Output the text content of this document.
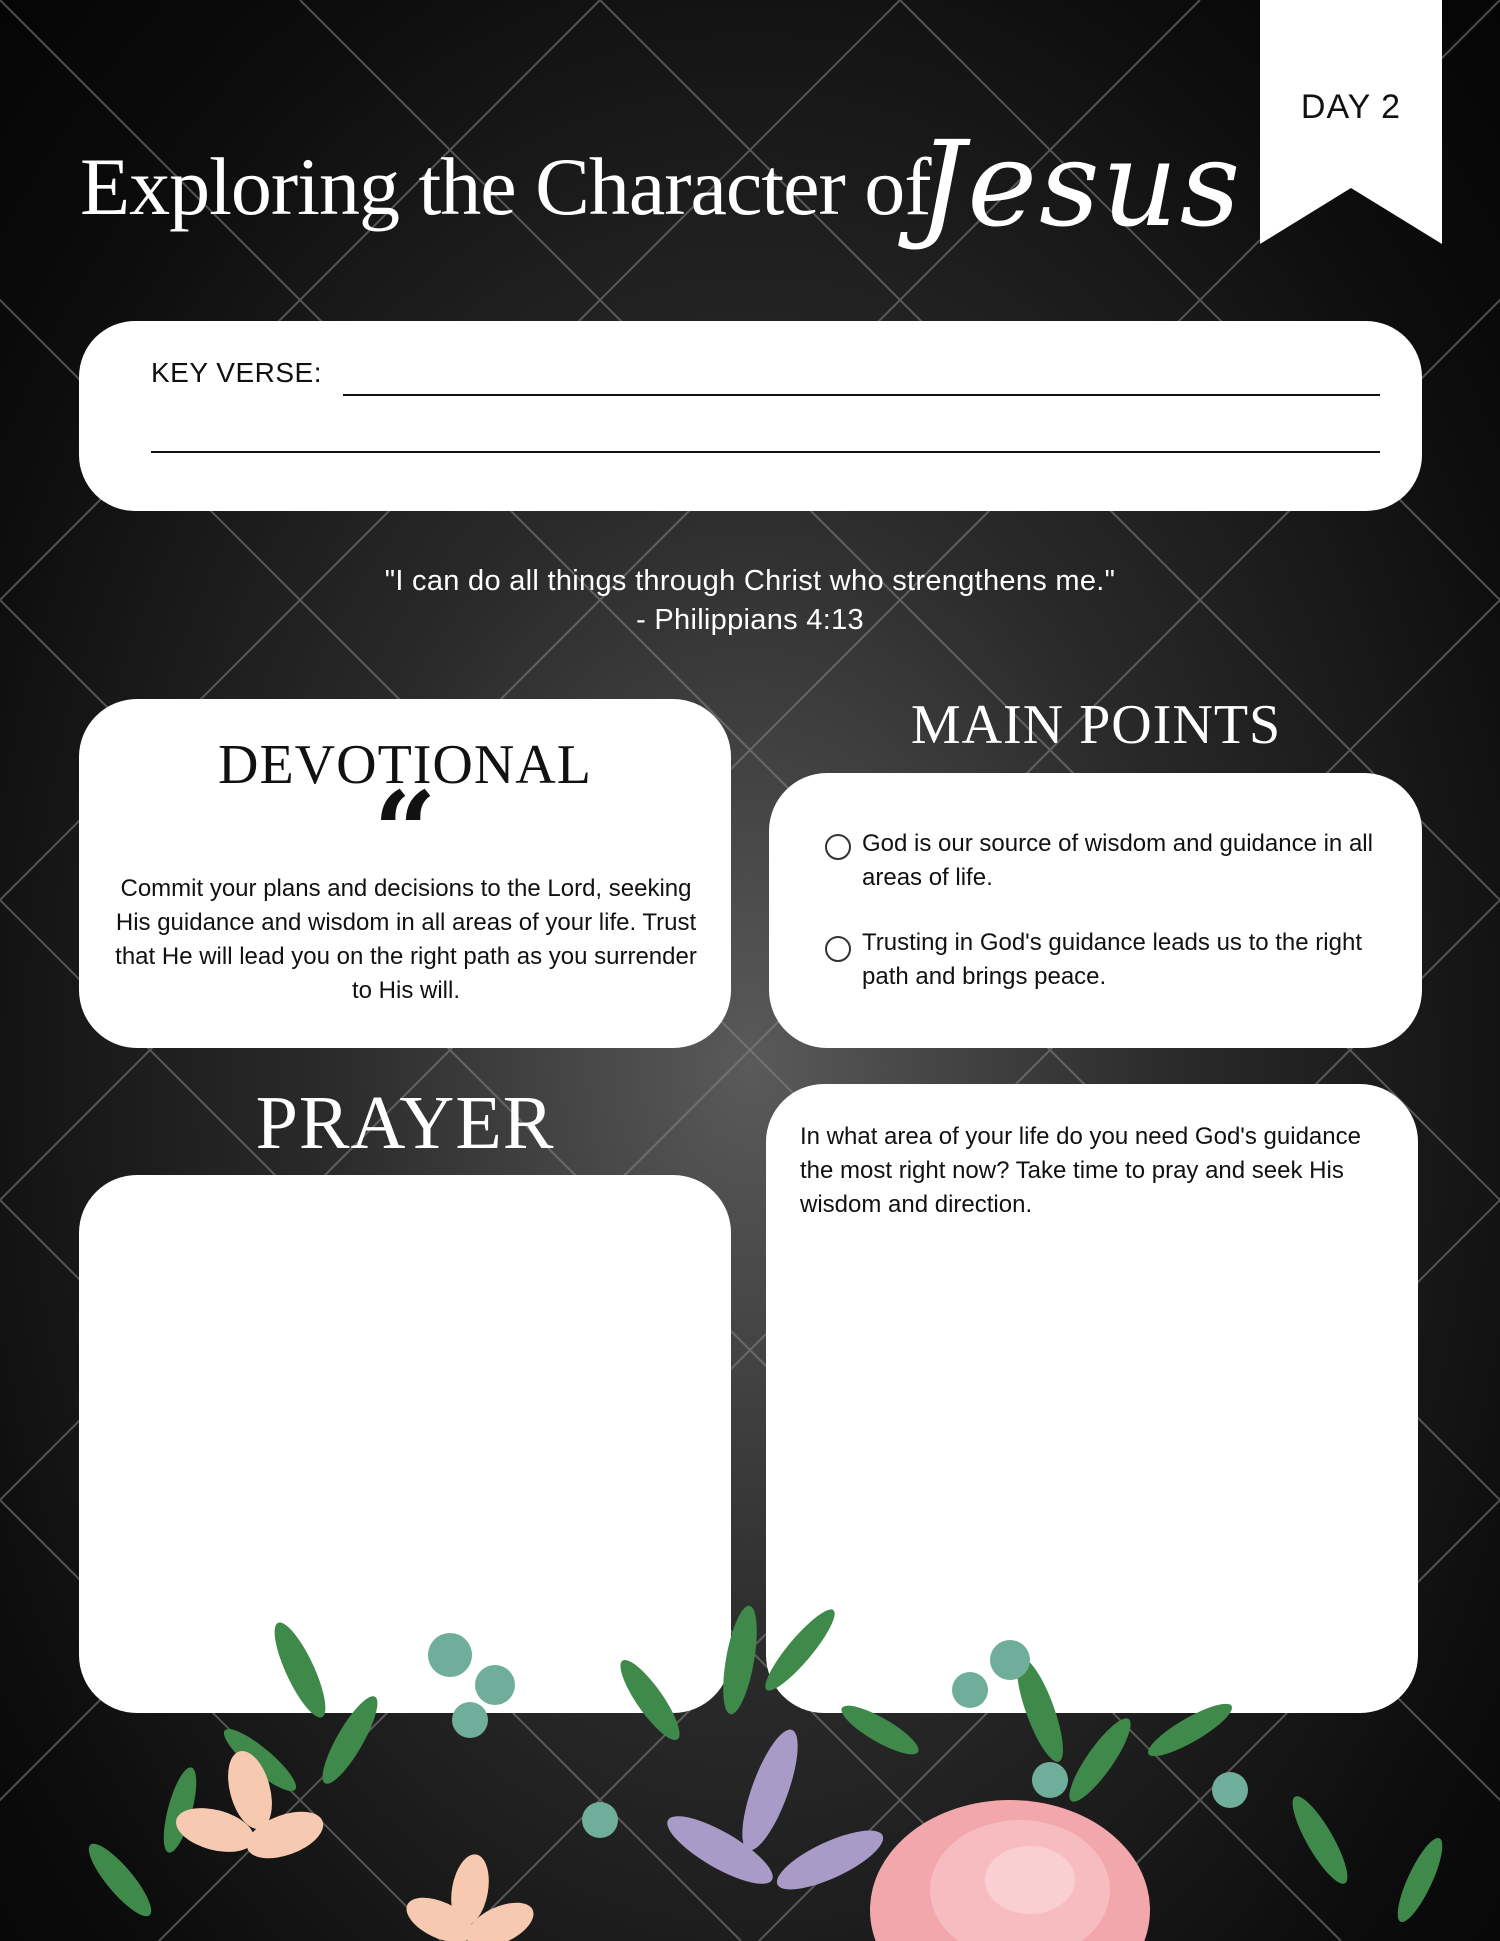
Exploring the Character of
Jesus
DAY 2
KEY VERSE:
"I can do all things through Christ who strengthens me."
- Philippians 4:13
DEVOTIONAL
“
Commit your plans and decisions to the Lord, seeking His guidance and wisdom in all areas of your life. Trust that He will lead you on the right path as you surrender to His will.
MAIN POINTS
God is our source of wisdom and guidance in all areas of life.
Trusting in God's guidance leads us to the right path and brings peace.
PRAYER	In what area of your life do you need God's guidance the most right now? Take time to pray and seek His wisdom and direction.
